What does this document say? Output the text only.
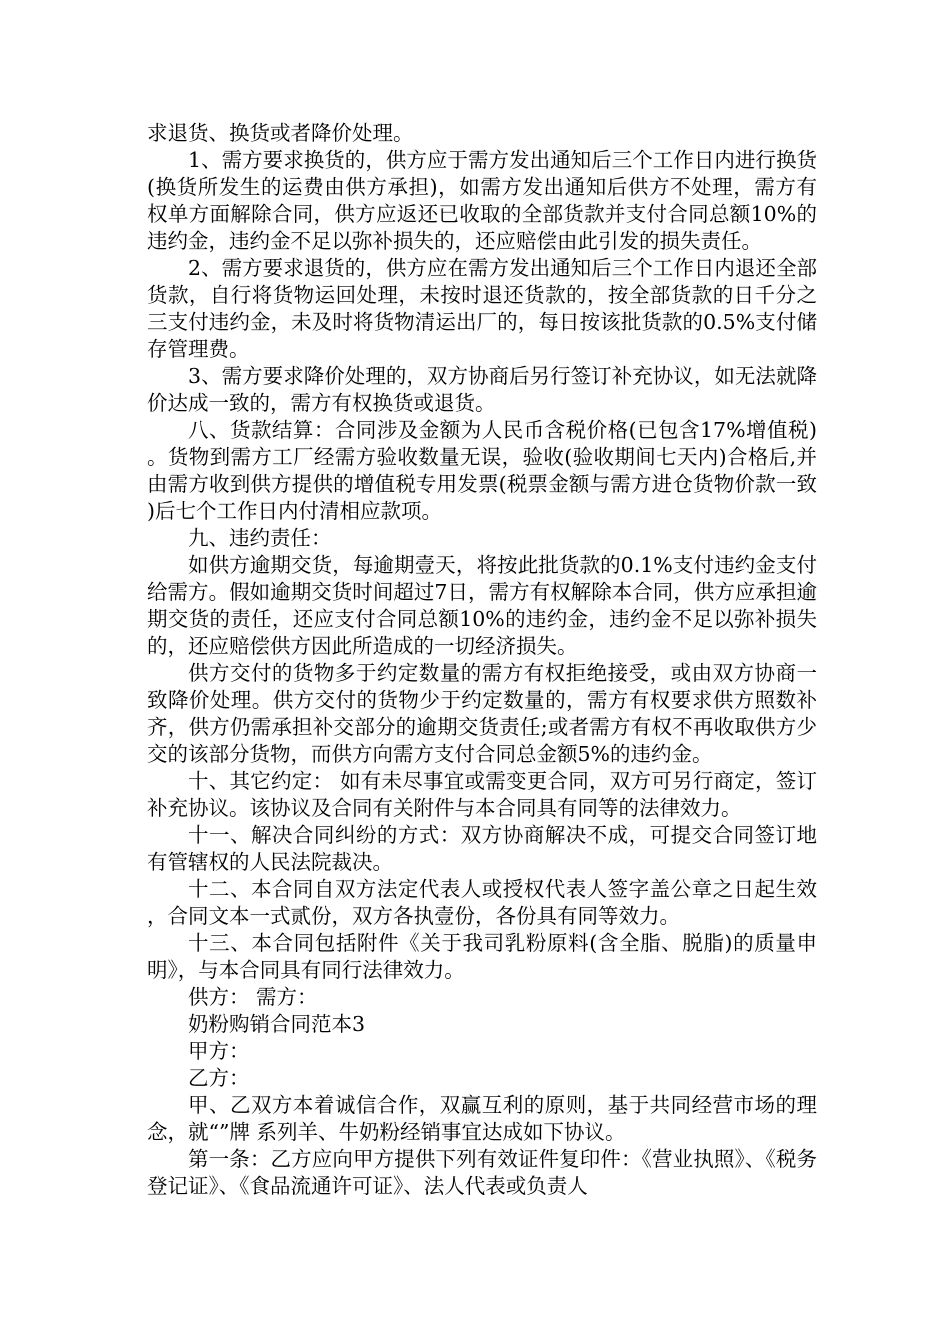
求退货、换货或者降价处理。

1、需方要求换货的，供方应于需方发出通知后三个工作日内进行换货(换货所发生的运费由供方承担)，如需方发出通知后供方不处理，需方有权单方面解除合同，供方应返还已收取的全部货款并支付合同总额10%的违约金，违约金不足以弥补损失的，还应赔偿由此引发的损失责任。

2、需方要求退货的，供方应在需方发出通知后三个工作日内退还全部货款，自行将货物运回处理，未按时退还货款的，按全部货款的日千分之三支付违约金，未及时将货物清运出厂的，每日按该批货款的0.5%支付储存管理费。

3、需方要求降价处理的，双方协商后另行签订补充协议，如无法就降价达成一致的，需方有权换货或退货。

八、货款结算：合同涉及金额为人民币含税价格(已包含17%增值税)。货物到需方工厂经需方验收数量无误，验收(验收期间七天内)合格后,并由需方收到供方提供的增值税专用发票(税票金额与需方进仓货物价款一致)后七个工作日内付清相应款项。

九、违约责任：

如供方逾期交货，每逾期壹天，将按此批货款的0.1%支付违约金支付给需方。假如逾期交货时间超过7日，需方有权解除本合同，供方应承担逾期交货的责任，还应支付合同总额10%的违约金，违约金不足以弥补损失的，还应赔偿供方因此所造成的一切经济损失。

供方交付的货物多于约定数量的需方有权拒绝接受，或由双方协商一致降价处理。供方交付的货物少于约定数量的，需方有权要求供方照数补齐，供方仍需承担补交部分的逾期交货责任;或者需方有权不再收取供方少交的该部分货物，而供方向需方支付合同总金额5%的违约金。

十、其它约定： 如有未尽事宜或需变更合同，双方可另行商定，签订补充协议。该协议及合同有关附件与本合同具有同等的法律效力。

十一、解决合同纠纷的方式：双方协商解决不成，可提交合同签订地有管辖权的人民法院裁决。

十二、本合同自双方法定代表人或授权代表人签字盖公章之日起生效，合同文本一式贰份，双方各执壹份，各份具有同等效力。

十三、本合同包括附件《关于我司乳粉原料(含全脂、脱脂)的质量申明》，与本合同具有同行法律效力。

供方： 需方：

奶粉购销合同范本3

甲方：

乙方：

甲、乙双方本着诚信合作，双赢互利的原则，基于共同经营市场的理念，就“”牌 系列羊、牛奶粉经销事宜达成如下协议。

第一条：乙方应向甲方提供下列有效证件复印件：《营业执照》、《税务登记证》、《食品流通许可证》、法人代表或负责人
